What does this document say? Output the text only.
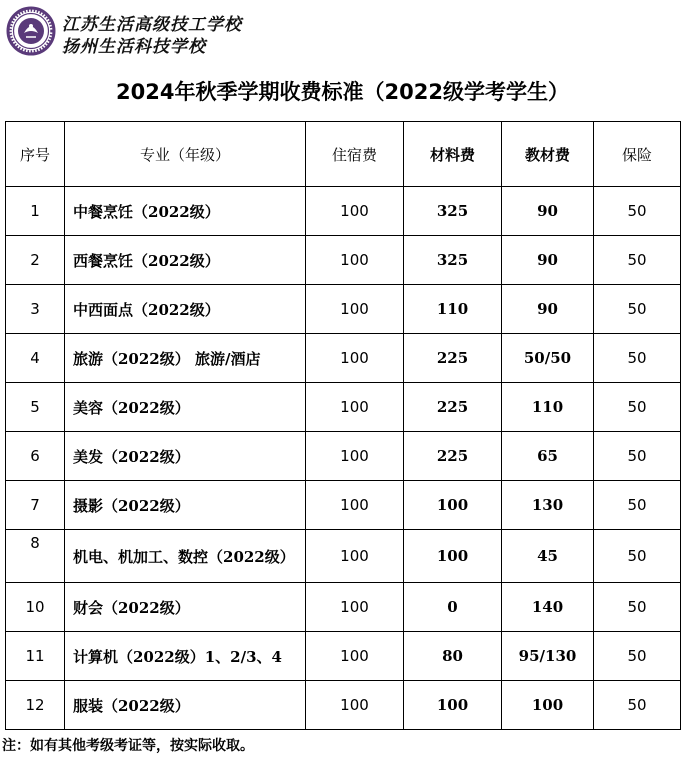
江苏生活高级技工学校
扬州生活科技学校
2024年秋季学期收费标准（2022级学考学生）
序号	专业（年级）	住宿费	材料费	教材费	保险
1	中餐烹饪（2022级）	100	325	90	50
2	西餐烹饪（2022级）	100	325	90	50
3	中西面点（2022级）	100	110	90	50
4	旅游（2022级） 旅游/酒店	100	225	50/50	50
5	美容（2022级）	100	225	110	50
6	美发（2022级）	100	225	65	50
7	摄影（2022级）	100	100	130	50
8	机电、机加工、数控（2022级）	100	100	45	50
10	财会（2022级）	100	0	140	50
11	计算机（2022级）1、2/3、4	100	80	95/130	50
12	服装（2022级）	100	100	100	50
注：如有其他考级考证等，按实际收取。
